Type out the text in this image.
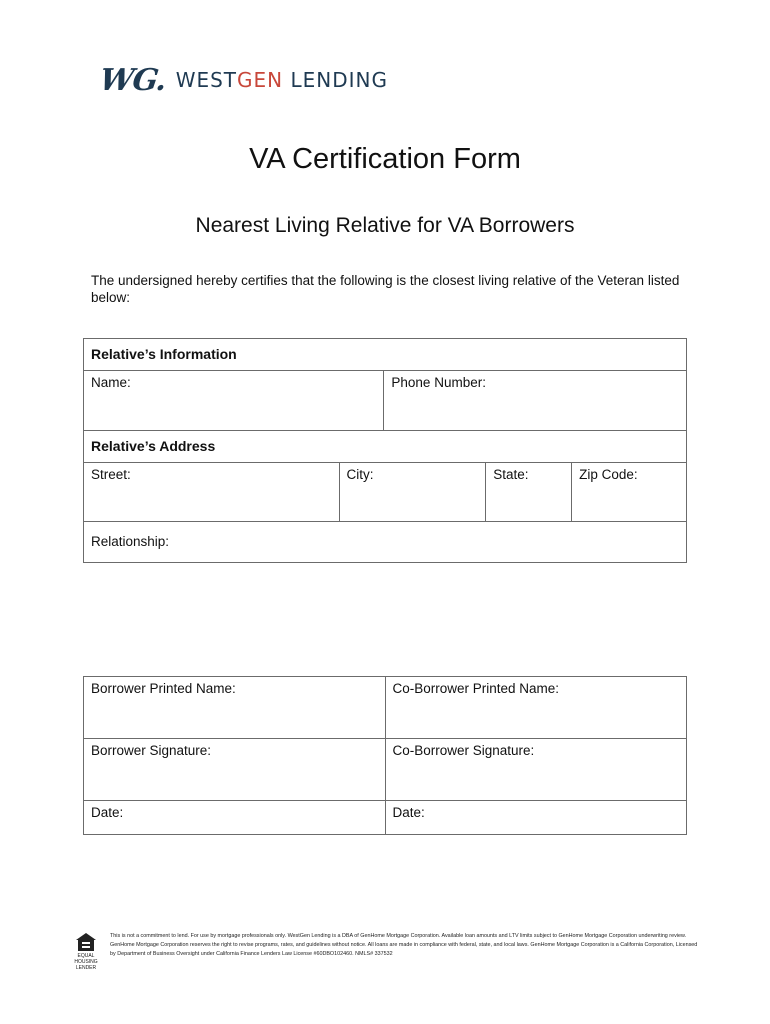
WG. WESTGEN LENDING
VA Certification Form
Nearest Living Relative for VA Borrowers
The undersigned hereby certifies that the following is the closest living relative of the Veteran listed below:
Relative’s Information				
Name:		Phone Number:		
Relative’s Address				
Street:	City:		State:	Zip Code:
Relationship:				
Borrower Printed Name:	Co-Borrower Printed Name:
Borrower Signature:	Co-Borrower Signature:
Date:	Date:
EQUAL HOUSING LENDER
This is not a commitment to lend. For use by mortgage professionals only. WestGen Lending is a DBA of GenHome Mortgage Corporation. Available loan amounts and LTV limits subject to GenHome Mortgage Corporation underwriting review. GenHome Mortgage Corporation reserves the right to revise programs, rates, and guidelines without notice. All loans are made in compliance with federal, state, and local laws. GenHome Mortgage Corporation is a California Corporation, Licensed by Department of Business Oversight under California Finance Lenders Law License #60DBO102460. NMLS# 337532
